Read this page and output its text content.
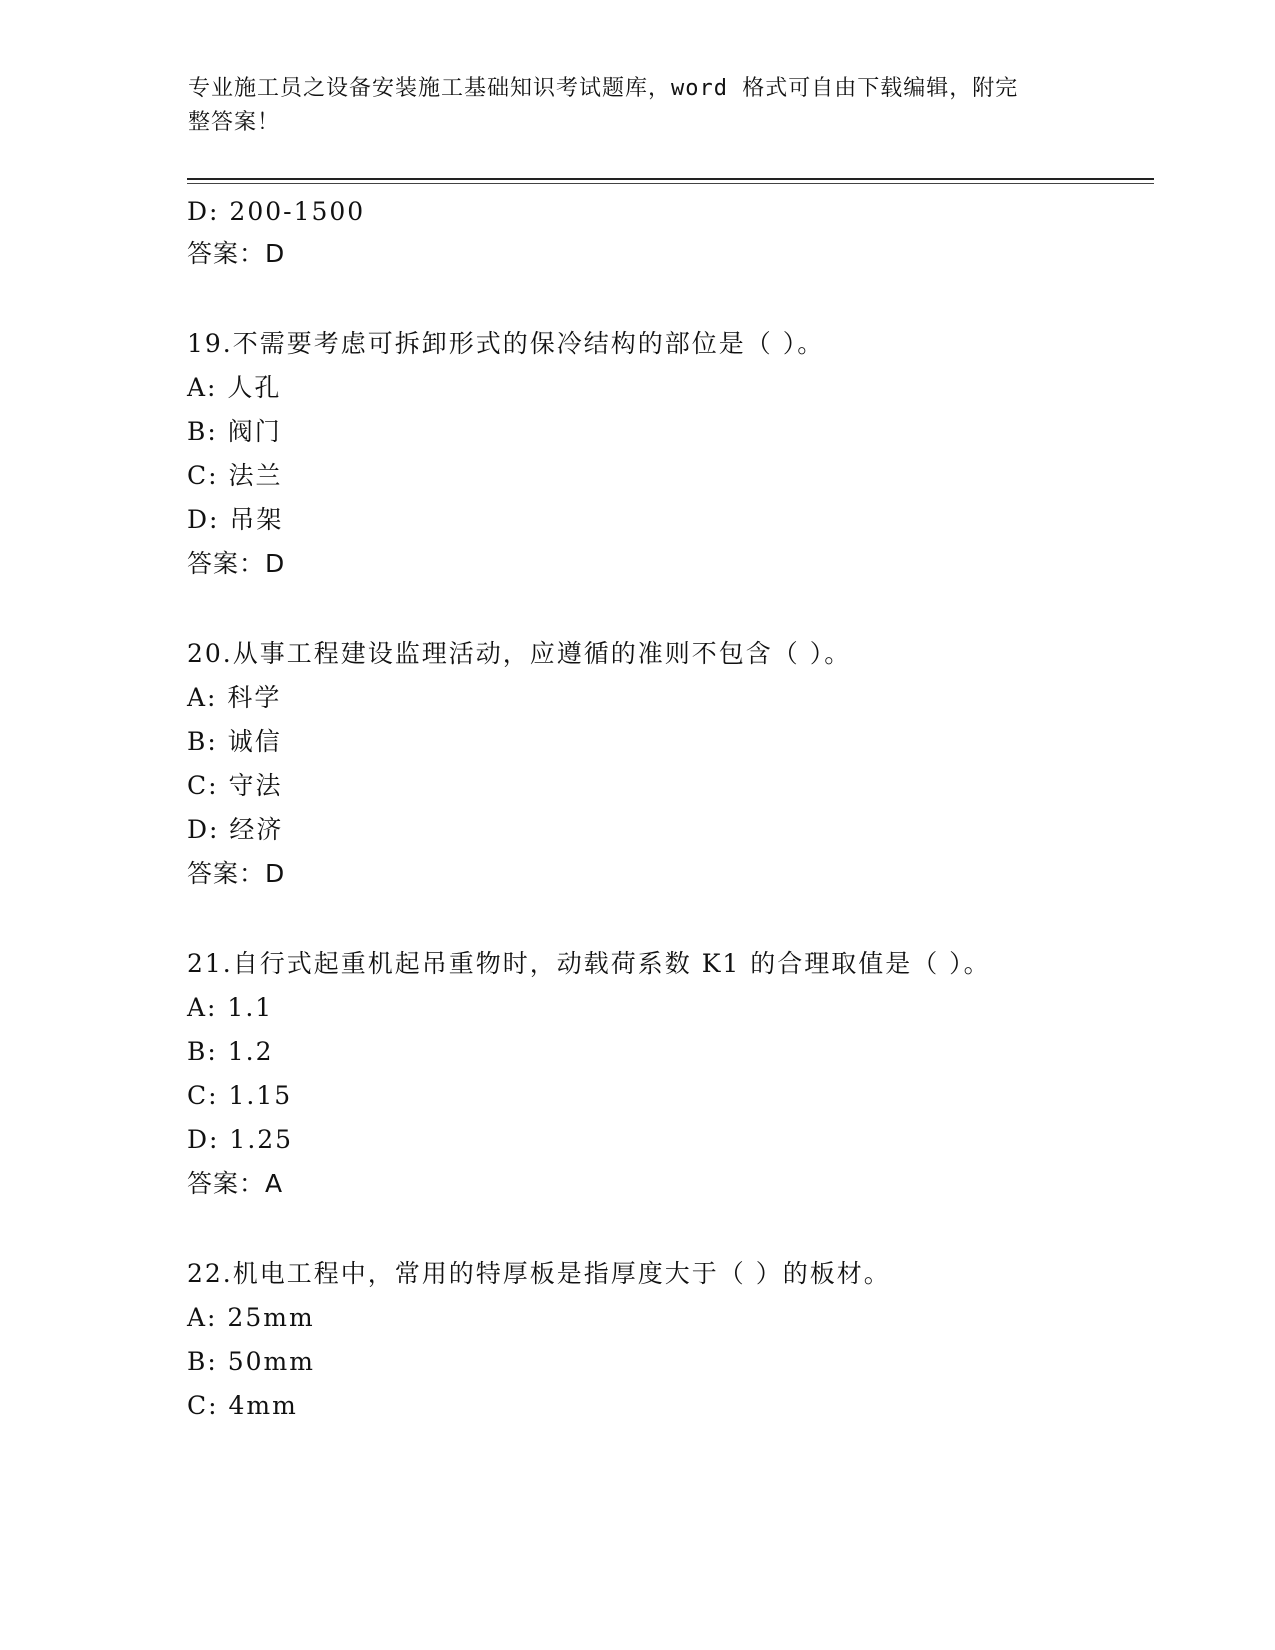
专业施工员之设备安装施工基础知识考试题库，word 格式可自由下载编辑，附完
整答案！
D: 200-1500
答案：D
19.不需要考虑可拆卸形式的保冷结构的部位是（ ）。
A: 人孔
B: 阀门
C: 法兰
D: 吊架
答案：D
20.从事工程建设监理活动，应遵循的准则不包含（ ）。
A: 科学
B: 诚信
C: 守法
D: 经济
答案：D
21.自行式起重机起吊重物时，动载荷系数 K1 的合理取值是（ ）。
A: 1.1
B: 1.2
C: 1.15
D: 1.25
答案：A
22.机电工程中，常用的特厚板是指厚度大于（ ）的板材。
A: 25mm
B: 50mm
C: 4mm
